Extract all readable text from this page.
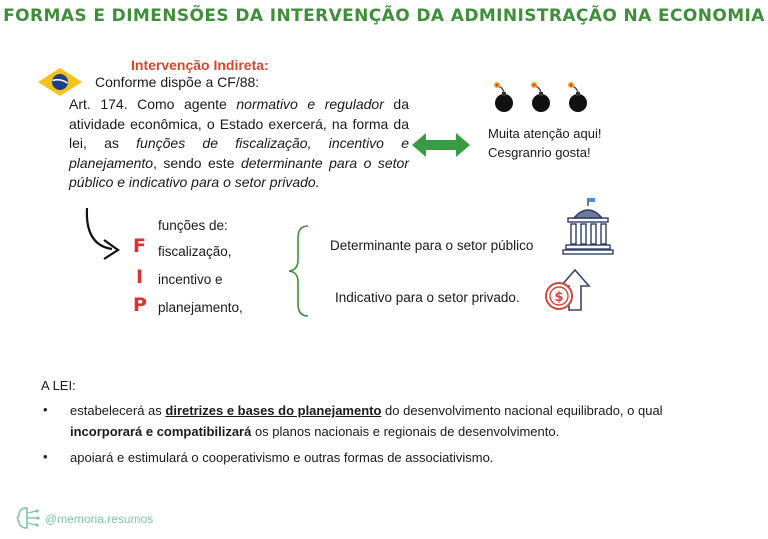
FORMAS E DIMENSÕES DA INTERVENÇÃO DA ADMINISTRAÇÃO NA ECONOMIA
Intervenção Indireta:
Conforme dispõe a CF/88:
Art. 174. Como agente normativo e regulador da atividade econômica, o Estado exercerá, na forma da lei, as funções de fiscalização, incentivo e planejamento, sendo este determinante para o setor público e indicativo para o setor privado.
Muita atenção aqui!
Cesgranrio gosta!
funções de:
F fiscalização,
I incentivo e
P planejamento,
Determinante para o setor público
Indicativo para o setor privado.	$
A LEI:
• estabelecerá as diretrizes e bases do planejamento do desenvolvimento nacional equilibrado, o qual
incorporará e compatibilizará os planos nacionais e regionais de desenvolvimento.
• apoiará e estimulará o cooperativismo e outras formas de associativismo.
@memoria.resumos
